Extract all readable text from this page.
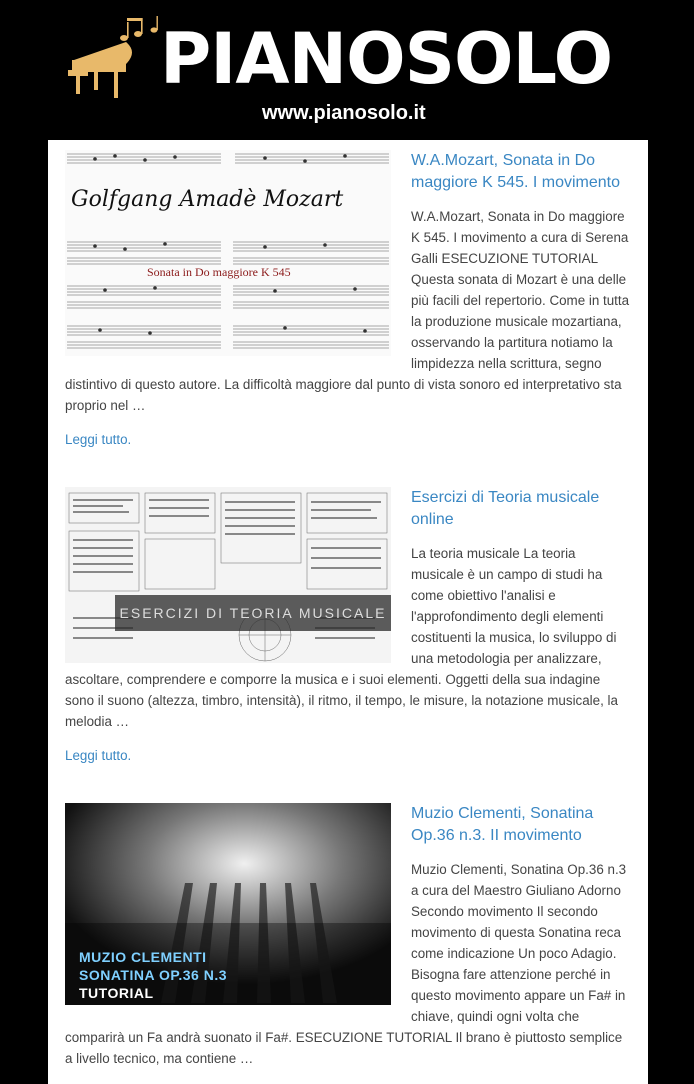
PIANOSOLO
www.pianosolo.it
Golfgang Amadè Mozart
Sonata in Do maggiore K 545
W.A.Mozart, Sonata in Do maggiore K 545. I movimento

W.A.Mozart, Sonata in Do maggiore K 545. I movimento a cura di Serena Galli ESECUZIONE TUTORIAL Questa sonata di Mozart è una delle più facili del repertorio. Come in tutta la produzione musicale mozartiana, osservando la partitura notiamo la limpidezza nella scrittura, segno distintivo di questo autore. La difficoltà maggiore dal punto di vista sonoro ed interpretativo sta proprio nel …

Leggi tutto.
ESERCIZI DI TEORIA MUSICALE
Esercizi di Teoria musicale online

La teoria musicale La teoria musicale è un campo di studi ha come obiettivo l'analisi e l'approfondimento degli elementi costituenti la musica, lo sviluppo di una metodologia per analizzare, ascoltare, comprendere e comporre la musica e i suoi elementi. Oggetti della sua indagine sono il suono (altezza, timbro, intensità), il ritmo, il tempo, le misure, la notazione musicale, la melodia …

Leggi tutto.
MUZIO CLEMENTI
SONATINA OP.36 N.3
TUTORIAL
Muzio Clementi, Sonatina Op.36 n.3. II movimento

Muzio Clementi, Sonatina Op.36 n.3 a cura del Maestro Giuliano Adorno Secondo movimento Il secondo movimento di questa Sonatina reca come indicazione Un poco Adagio. Bisogna fare attenzione perché in questo movimento appare un Fa# in chiave, quindi ogni volta che comparirà un Fa andrà suonato il Fa#. ESECUZIONE TUTORIAL Il brano è piuttosto semplice a livello tecnico, ma contiene …
